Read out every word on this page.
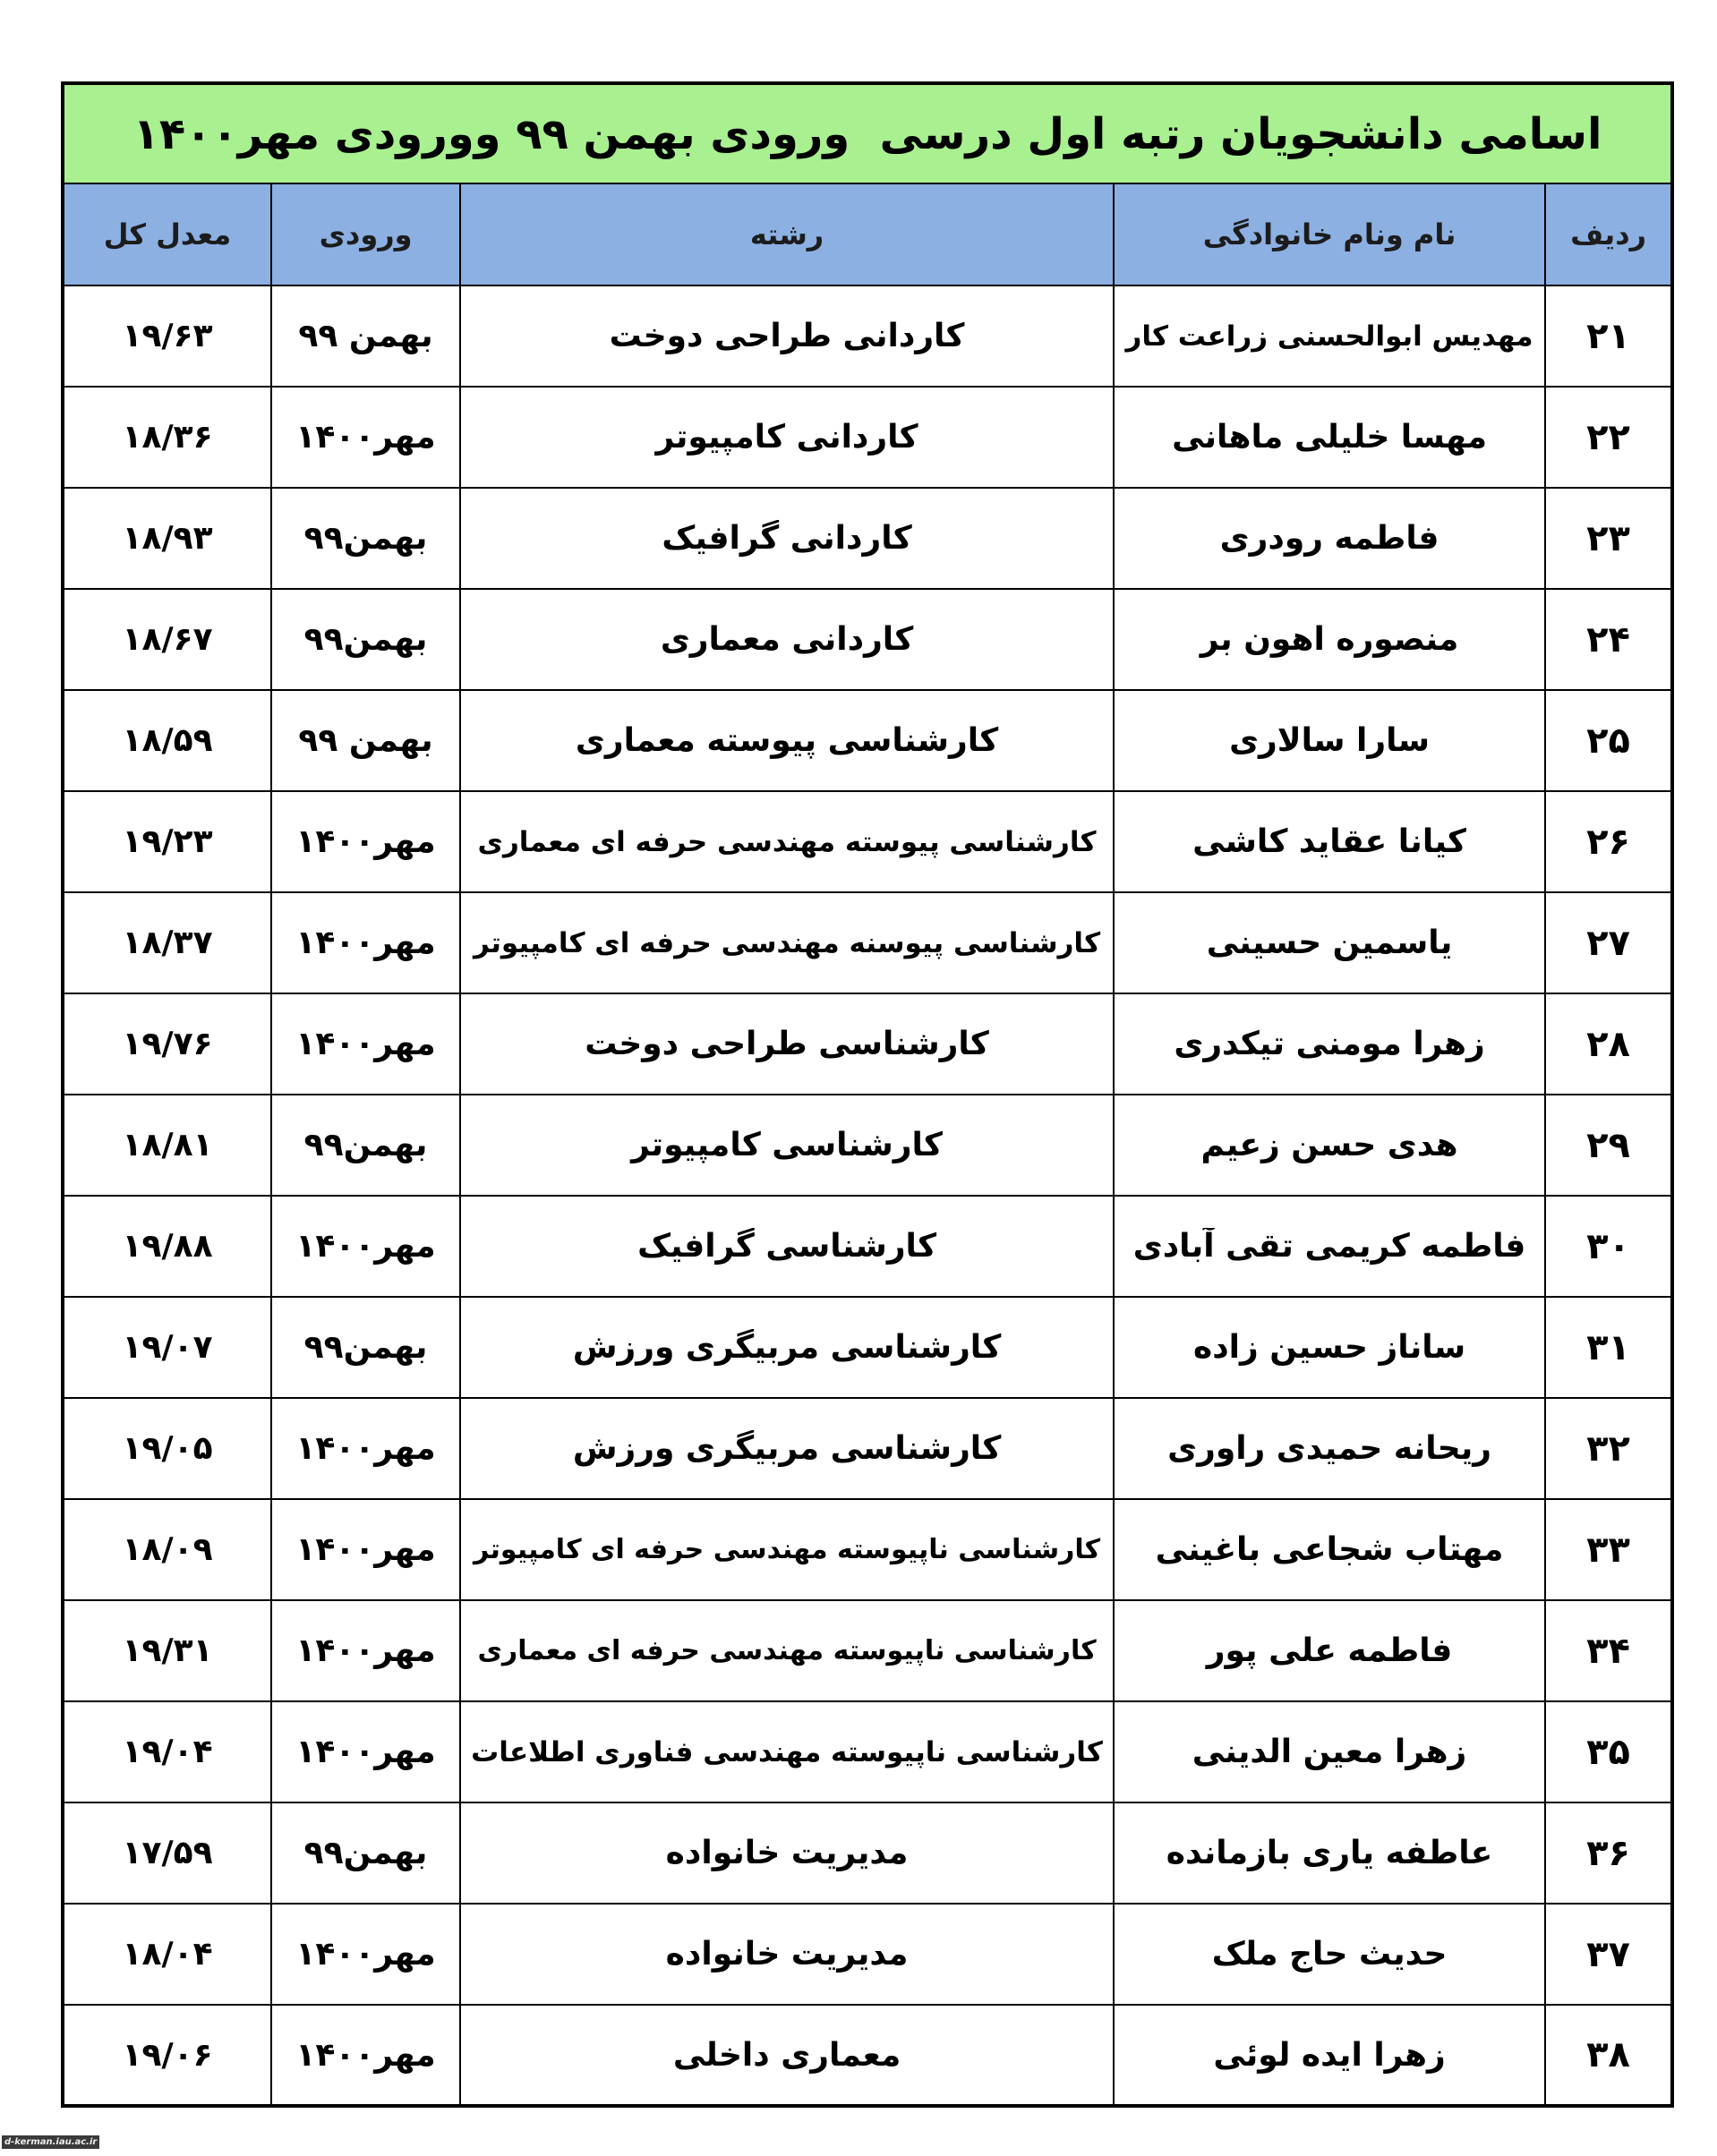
اسامی دانشجویان رتبه اول درسی  ورودی بهمن ۹۹ وورودی مهر۱۴۰۰				

ردیف	نام ونام خانوادگی	رشته	ورودی	معدل کل

۲۱	مهدیس ابوالحسنی زراعت کار	کاردانی طراحی دوخت	بهمن ۹۹	۱۹/۶۳

۲۲	مهسا خلیلی ماهانی	کاردانی کامپیوتر	مهر۱۴۰۰	۱۸/۳۶

۲۳	فاطمه رودری	کاردانی گرافیک	بهمن۹۹	۱۸/۹۳

۲۴	منصوره اهون بر	کاردانی معماری	بهمن۹۹	۱۸/۶۷

۲۵	سارا سالاری	کارشناسی پیوسته معماری	بهمن ۹۹	۱۸/۵۹

۲۶	کیانا عقاید کاشی	کارشناسی پیوسته مهندسی حرفه ای معماری	مهر۱۴۰۰	۱۹/۲۳

۲۷	یاسمین حسینی	کارشناسی پیوسنه مهندسی حرفه ای کامپیوتر	مهر۱۴۰۰	۱۸/۳۷

۲۸	زهرا مومنی تیکدری	کارشناسی طراحی دوخت	مهر۱۴۰۰	۱۹/۷۶

۲۹	هدی حسن زعیم	کارشناسی کامپیوتر	بهمن۹۹	۱۸/۸۱

۳۰	فاطمه کریمی تقی آبادی	کارشناسی گرافیک	مهر۱۴۰۰	۱۹/۸۸

۳۱	ساناز حسین زاده	کارشناسی مربیگری ورزش	بهمن۹۹	۱۹/۰۷

۳۲	ریحانه حمیدی راوری	کارشناسی مربیگری ورزش	مهر۱۴۰۰	۱۹/۰۵

۳۳	مهتاب شجاعی باغینی	کارشناسی ناپیوسته مهندسی حرفه ای کامپیوتر	مهر۱۴۰۰	۱۸/۰۹

۳۴	فاطمه علی پور	کارشناسی ناپیوسته مهندسی حرفه ای معماری	مهر۱۴۰۰	۱۹/۳۱

۳۵	زهرا معین الدینی	کارشناسی ناپیوسته مهندسی فناوری اطلاعات	مهر۱۴۰۰	۱۹/۰۴

۳۶	عاطفه یاری بازمانده	مدیریت خانواده	بهمن۹۹	۱۷/۵۹

۳۷	حدیث حاج ملک	مدیریت خانواده	مهر۱۴۰۰	۱۸/۰۴

۳۸	زهرا ایده لوئی	معماری داخلی	مهر۱۴۰۰	۱۹/۰۶
d-kerman.iau.ac.ir
